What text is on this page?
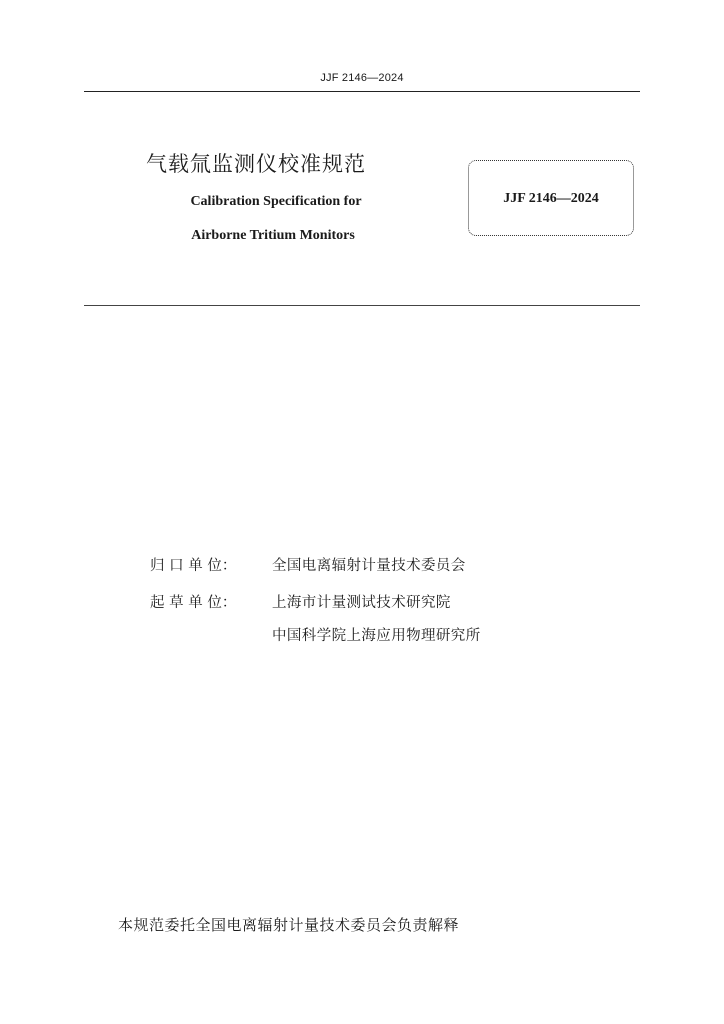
JJF 2146—2024
气载氚监测仪校准规范
Calibration Specification for
Airborne Tritium Monitors
JJF 2146—2024
归 口 单 位：	全国电离辐射计量技术委员会
起 草 单 位：	上海市计量测试技术研究院
中国科学院上海应用物理研究所
本规范委托全国电离辐射计量技术委员会负责解释
